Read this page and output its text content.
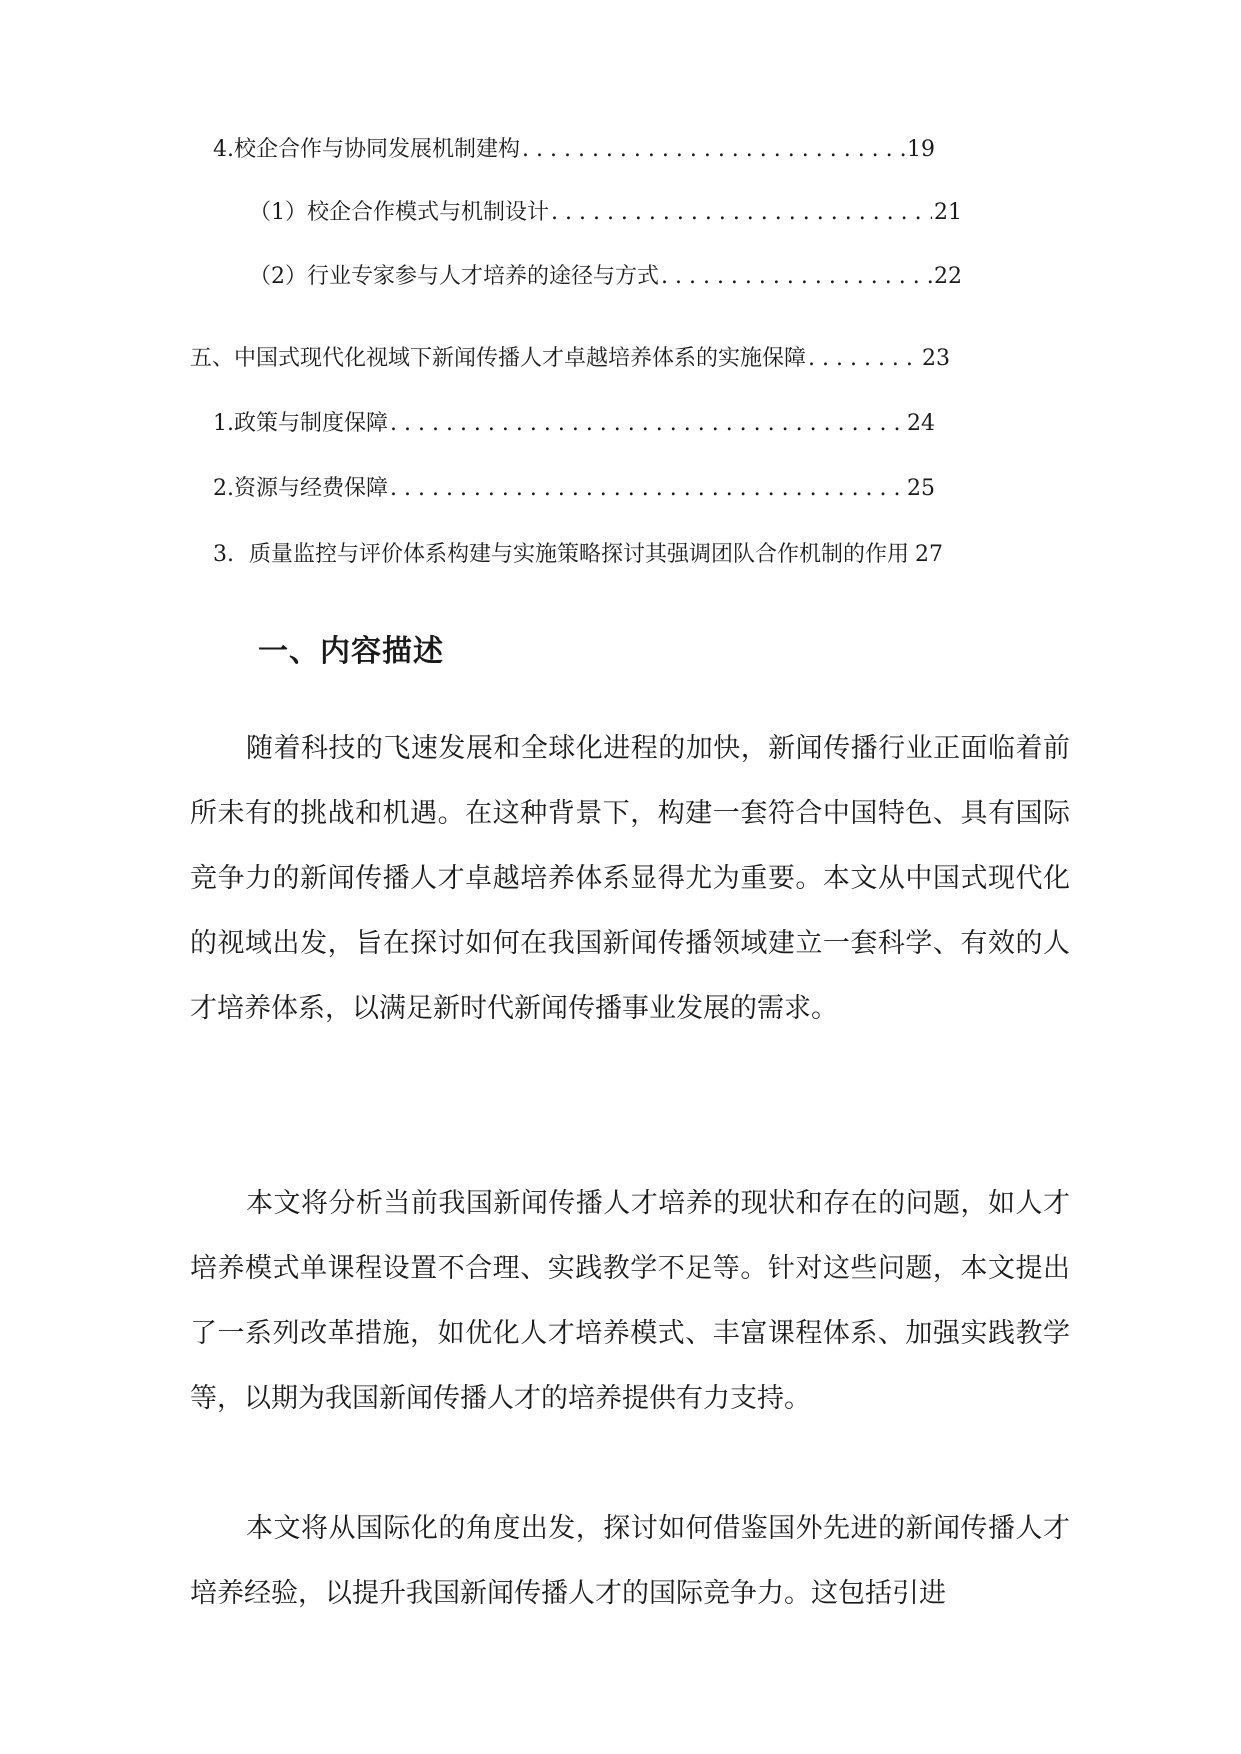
4. 校企合作与协同发展机制建构 . . .	19
（1）校企合作模式与机制设计 . . .	21
（2）行业专家参与人才培养的途径与方式 . . .	22
五、中国式现代化视域下新闻传播人才卓越培养体系的实施保障 . . .	23
1. 政策与制度保障 . . .	24
2. 资源与经费保障 . . .	25
3. 质量监控与评价体系构建与实施策略探讨其强调团队合作机制的作用 27
一、内容描述

随着科技的飞速发展和全球化进程的加快，新闻传播行业正面临着前所未有的挑战和机遇。在这种背景下，构建一套符合中国特色、具有国际竞争力的新闻传播人才卓越培养体系显得尤为重要。本文从中国式现代化的视域出发，旨在探讨如何在我国新闻传播领域建立一套科学、有效的人才培养体系，以满足新时代新闻传播事业发展的需求。

本文将分析当前我国新闻传播人才培养的现状和存在的问题，如人才培养模式单课程设置不合理、实践教学不足等。针对这些问题，本文提出了一系列改革措施，如优化人才培养模式、丰富课程体系、加强实践教学等，以期为我国新闻传播人才的培养提供有力支持。

本文将从国际化的角度出发，探讨如何借鉴国外先进的新闻传播人才培养经验，以提升我国新闻传播人才的国际竞争力。这包括引进
